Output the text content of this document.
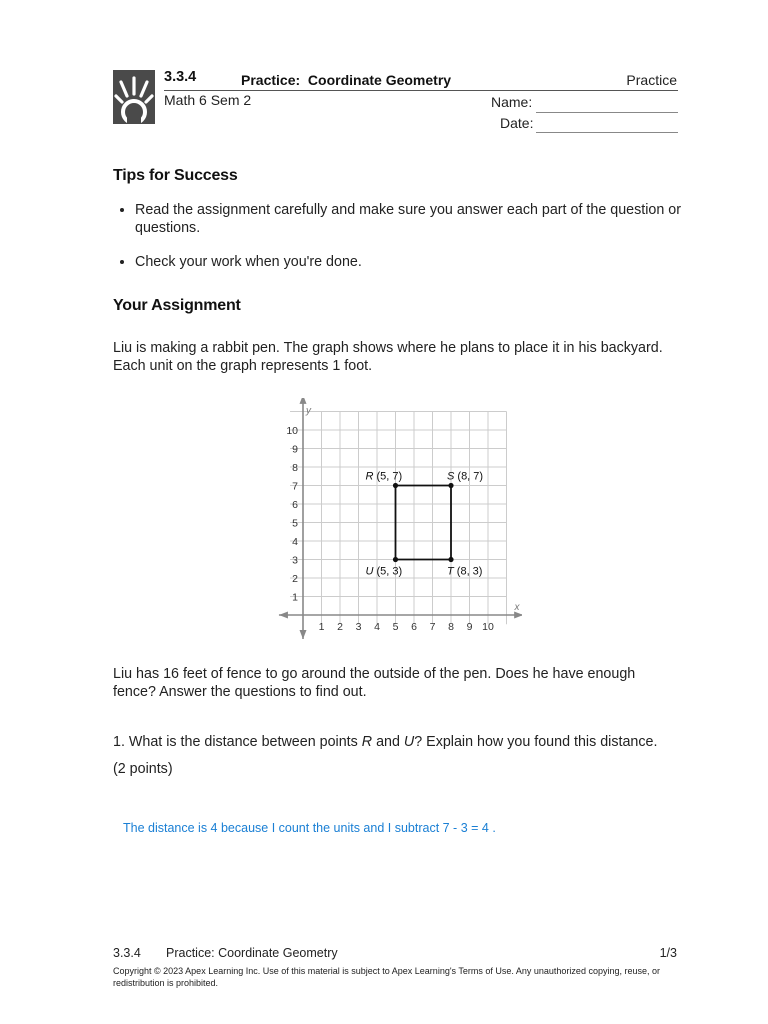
3.3.4	Practice:  Coordinate Geometry	Practice
Math 6 Sem 2	Name:
Date:
Tips for Success
• Read the assignment carefully and make sure you answer each part of the question or questions.
• Check your work when you're done.
Your Assignment

Liu is making a rabbit pen. The graph shows where he plans to place it in his backyard. Each unit on the graph represents 1 foot.

x
y
1 2 3 4 5 6 7 8 9 10
1
2
3
4
5
6
7
8
9
10
R (5, 7)	S (8, 7)
T (8, 3)
U (5, 3)

Liu has 16 feet of fence to go around the outside of the pen. Does he have enough fence? Answer the questions to find out.

1. What is the distance between points R and U? Explain how you found this distance. (2 points)

The distance is 4 because I count the units and I subtract 7 - 3 = 4 .
3.3.4 Practice: Coordinate Geometry	1/3
Copyright © 2023 Apex Learning Inc. Use of this material is subject to Apex Learning's Terms of Use. Any unauthorized copying, reuse, or redistribution is prohibited.
